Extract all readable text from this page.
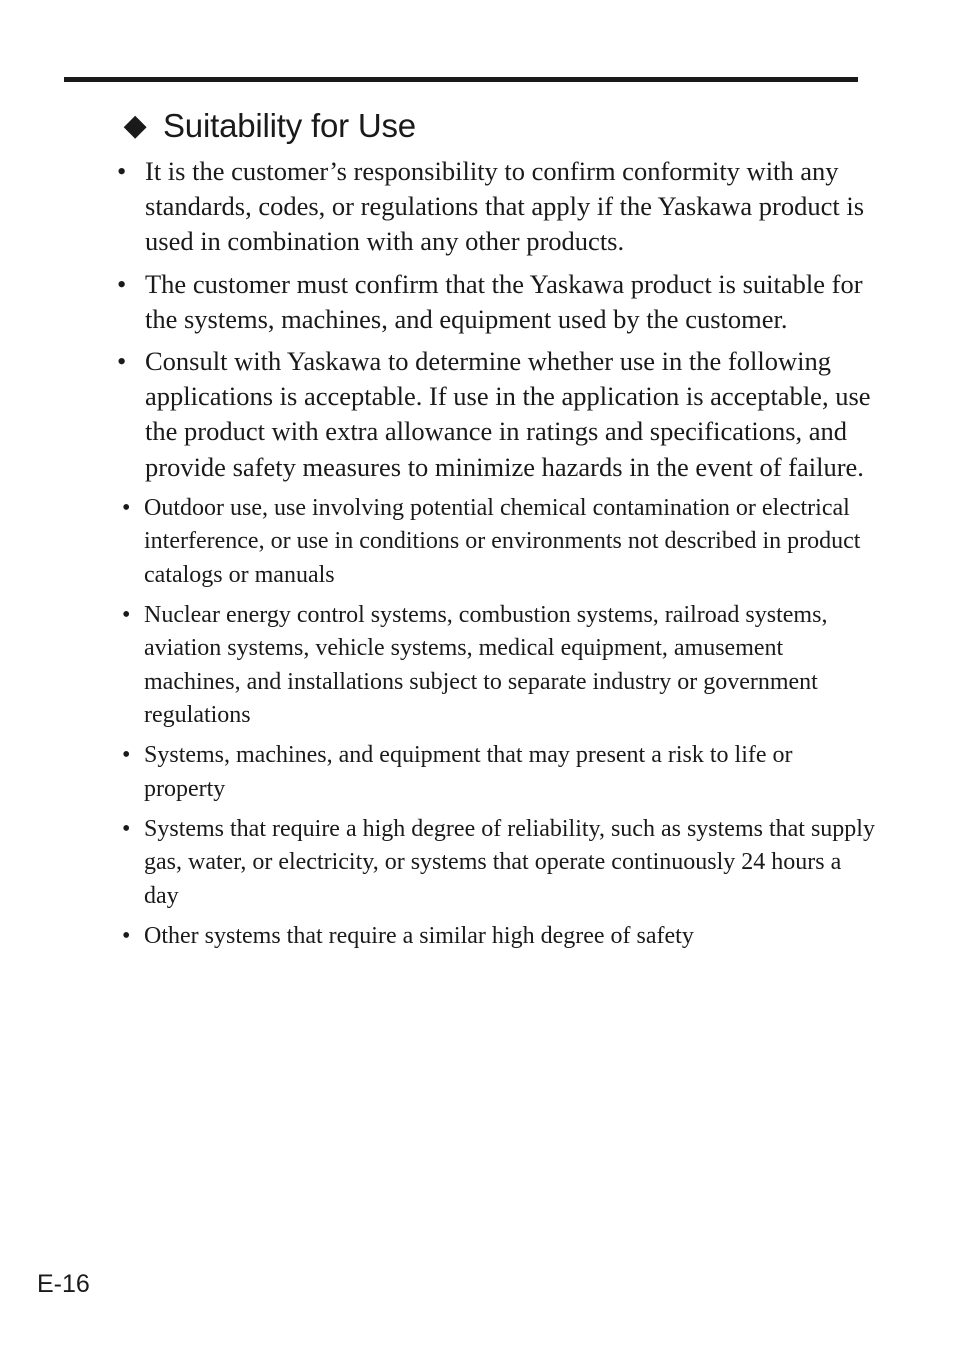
◆ Suitability for Use
• It is the customer’s responsibility to confirm conformity with any standards, codes, or regulations that apply if the Yaskawa product is used in combination with any other products.
• The customer must confirm that the Yaskawa product is suitable for the systems, machines, and equipment used by the customer.
• Consult with Yaskawa to determine whether use in the following applications is acceptable. If use in the application is acceptable, use the product with extra allowance in ratings and specifications, and provide safety measures to minimize hazards in the event of failure.
• Outdoor use, use involving potential chemical contamination or electrical interference, or use in conditions or environments not described in product catalogs or manuals
• Nuclear energy control systems, combustion systems, railroad systems, aviation systems, vehicle systems, medical equipment, amusement machines, and installations subject to separate industry or government regulations
• Systems, machines, and equipment that may present a risk to life or property
• Systems that require a high degree of reliability, such as systems that supply gas, water, or electricity, or systems that operate continuously 24 hours a day
• Other systems that require a similar high degree of safety
E-16
